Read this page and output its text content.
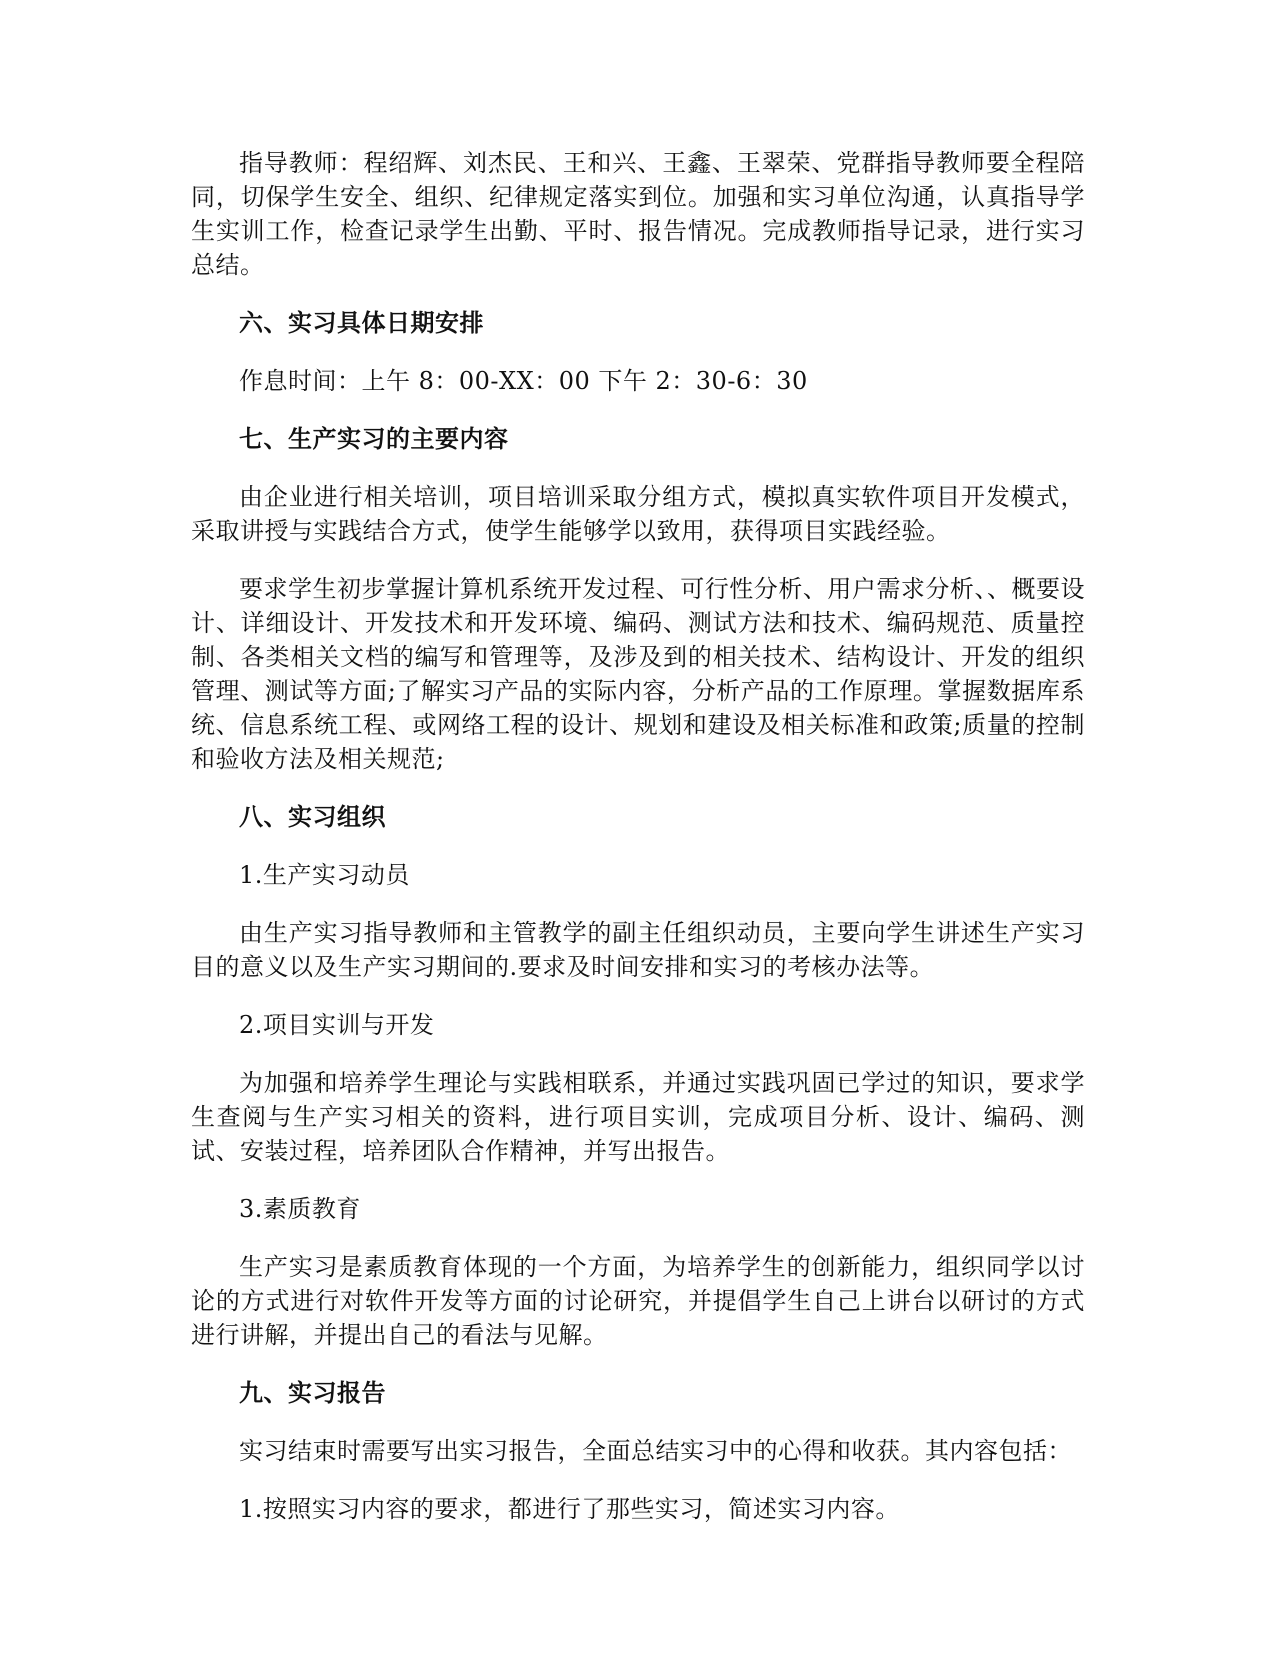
指导教师：程绍辉、刘杰民、王和兴、王鑫、王翠荣、党群指导教师要全程陪同，切保学生安全、组织、纪律规定落实到位。加强和实习单位沟通，认真指导学生实训工作，检查记录学生出勤、平时、报告情况。完成教师指导记录，进行实习总结。

六、实习具体日期安排

作息时间：上午 8：00-XX：00 下午 2：30-6：30

七、生产实习的主要内容

由企业进行相关培训，项目培训采取分组方式，模拟真实软件项目开发模式，采取讲授与实践结合方式，使学生能够学以致用，获得项目实践经验。

要求学生初步掌握计算机系统开发过程、可行性分析、用户需求分析、、概要设计、详细设计、开发技术和开发环境、编码、测试方法和技术、编码规范、质量控制、各类相关文档的编写和管理等，及涉及到的相关技术、结构设计、开发的组织管理、测试等方面;了解实习产品的实际内容，分析产品的工作原理。掌握数据库系统、信息系统工程、或网络工程的设计、规划和建设及相关标准和政策;质量的控制和验收方法及相关规范;

八、实习组织

1.生产实习动员

由生产实习指导教师和主管教学的副主任组织动员，主要向学生讲述生产实习目的意义以及生产实习期间的.要求及时间安排和实习的考核办法等。

2.项目实训与开发

为加强和培养学生理论与实践相联系，并通过实践巩固已学过的知识，要求学生查阅与生产实习相关的资料，进行项目实训，完成项目分析、设计、编码、测试、安装过程，培养团队合作精神，并写出报告。

3.素质教育

生产实习是素质教育体现的一个方面，为培养学生的创新能力，组织同学以讨论的方式进行对软件开发等方面的讨论研究，并提倡学生自己上讲台以研讨的方式进行讲解，并提出自己的看法与见解。

九、实习报告

实习结束时需要写出实习报告，全面总结实习中的心得和收获。其内容包括：

1.按照实习内容的要求，都进行了那些实习，简述实习内容。
